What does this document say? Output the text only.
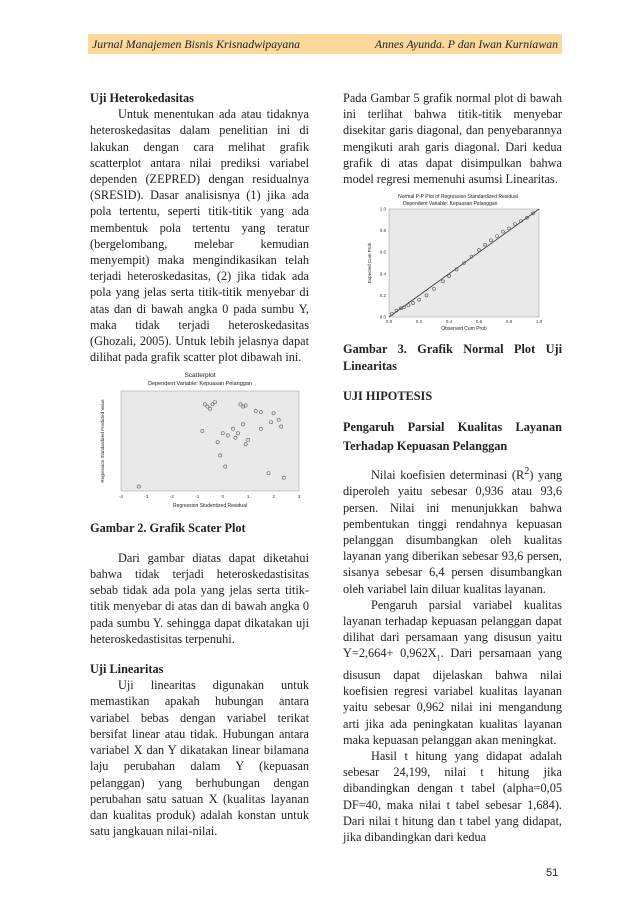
Jurnal Manajemen Bisnis Krisnadwipayana	Annes Ayunda. P dan Iwan Kurniawan
Uji Heterokedasitas

Untuk menentukan ada atau tidaknya heteroskedasitas dalam penelitian ini di lakukan dengan cara melihat grafik scatterplot antara nilai prediksi variabel dependen (ZEPRED) dengan residualnya (SRESID). Dasar analisisnya (1) jika ada pola tertentu, seperti titik-titik yang ada membentuk pola tertentu yang teratur (bergelombang, melebar kemudian menyempit) maka mengindikasikan telah terjadi heteroskedasitas, (2) jika tidak ada pola yang jelas serta titik-titik menyebar di atas dan di bawah angka 0 pada sumbu Y, maka tidak terjadi heteroskedasitas (Ghozali, 2005). Untuk lebih jelasnya dapat dilihat pada grafik scatter plot dibawah ini.

Scatterplot
Dependent Variable: Kepuasan Pelanggan
-4	-3	-2	-1	0	1	2	3
Regression Studentized Residual
Regression Standardized Predicted Value

Gambar 2. Grafik Scater Plot

Dari gambar diatas dapat diketahui bahwa tidak terjadi heteroskedastisitas sebab tidak ada pola yang jelas serta titik-titik menyebar di atas dan di bawah angka 0 pada sumbu Y. sehingga dapat dikatakan uji heteroskedastisitas terpenuhi.

Uji Linearitas

Uji linearitas digunakan untuk memastikan apakah hubungan antara variabel bebas dengan variabel terikat bersifat linear atau tidak. Hubungan antara variabel X dan Y dikatakan linear bilamana laju perubahan dalam Y (kepuasan pelanggan) yang berhubungan dengan perubahan satu satuan X (kualitas layanan dan kualitas produk) adalah konstan untuk satu jangkauan nilai-nilai.

Pada Gambar 5 grafik normal plot di bawah ini terlihat bahwa titik-titik menyebar disekitar garis diagonal, dan penyebarannya mengikuti arah garis diagonal. Dari kedua grafik di atas dapat disimpulkan bahwa model regresi memenuhi asumsi Linearitas.

Normal P-P Plot of Regression Standardized Residual
Dependent Variable: Kepuasan Pelanggan
0.0	0.2	0.4	0.6	0.8	1.0
0.0
0.2
0.4
0.6
0.8
1.0
Observed Cum Prob
Expected Cum Prob

Gambar 3. Grafik Normal Plot Uji Linearitas

UJI HIPOTESIS
Pengaruh Parsial Kualitas Layanan Terhadap Kepuasan Pelanggan

Nilai koefisien determinasi $(R^2)$ yang diperoleh yaitu sebesar 0,936 atau 93,6 persen. Nilai ini menunjukkan bahwa pembentukan tinggi rendahnya kepuasan pelanggan disumbangkan oleh kualitas layanan yang diberikan sebesar 93,6 persen, sisanya sebesar 6,4 persen disumbangkan oleh variabel lain diluar kualitas layanan.

Pengaruh parsial variabel kualitas layanan terhadap kepuasan pelanggan dapat dilihat dari persamaan yang disusun yaitu $Y=2,664+ 0,962X_1$. Dari persamaan yang disusun dapat dijelaskan bahwa nilai koefisien regresi variabel kualitas layanan yaitu sebesar 0,962 nilai ini mengandung arti jika ada peningkatan kualitas layanan maka kepuasan pelanggan akan meningkat.

Hasil t hitung yang didapat adalah sebesar 24,199, nilai t hitung jika dibandingkan dengan t tabel (alpha=0,05 DF=40, maka nilai t tabel sebesar 1,684). Dari nilai t hitung dan t tabel yang didapat, jika dibandingkan dari kedua

51
